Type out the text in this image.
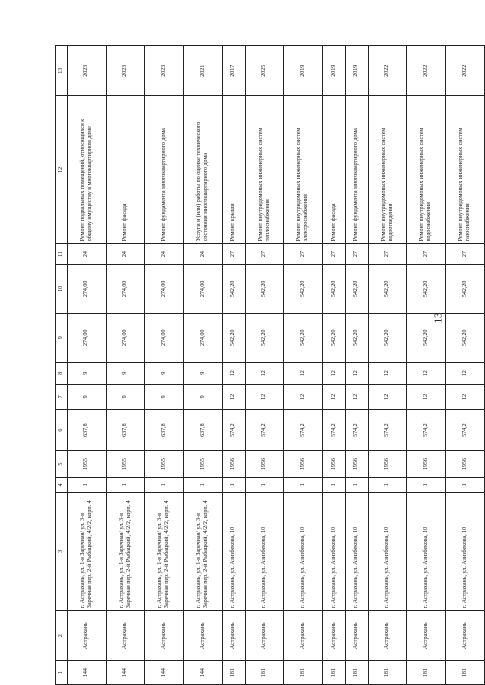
13
1	2	3	4	5	6	7	8	9	10	11	12	13
144	Астрахань	г. Астрахань, ул. 1-я Заречная/ ул. 3-я Заречная пер. 2-й Рыбацкий, 4/2/2, корп. 4	1	1955	637,8	9	9	274,00	274,00	24	Ремонт подвальных помещений, относящихся к общему имуществу в многоквартирном доме	2023
144	Астрахань	г. Астрахань, ул. 1-я Заречная/ ул. 3-я Заречная пер. 2-й Рыбацкий, 4/2/2, корп. 4	1	1955	637,8	9	9	274,00	274,00	24	Ремонт фасада	2023
144	Астрахань	г. Астрахань, ул. 1-я Заречная/ ул. 3-я Заречная пер. 2-й Рыбацкий, 4/2/2, корп. 4	1	1955	637,8	9	9	274,00	274,00	24	Ремонт фундамента многоквартирного дома	2023
144	Астрахань	г. Астрахань, ул. 1-я Заречная/ ул. 3-я Заречная пер. 2-й Рыбацкий, 4/2/2, корп. 4	1	1955	637,8	9	9	274,00	274,00	24	Услуги и (или) работы по оценке технического состояния многоквартирного дома	2021
181	Астрахань	г. Астрахань, ул. Азизбекова, 10	1	1956	574,2	12	12	542,20	542,20	27	Ремонт крыши	2017
181	Астрахань	г. Астрахань, ул. Азизбекова, 10	1	1956	574,2	12	12	542,20	542,20	27	Ремонт внутридомовых инженерных систем теплоснабжения	2025
181	Астрахань	г. Астрахань, ул. Азизбекова, 10	1	1956	574,2	12	12	542,20	542,20	27	Ремонт внутридомовых инженерных систем электроснабжения	2019
181	Астрахань	г. Астрахань, ул. Азизбекова, 10	1	1956	574,2	12	12	542,20	542,20	27	Ремонт фасада	2019
181	Астрахань	г. Астрахань, ул. Азизбекова, 10	1	1956	574,2	12	12	542,20	542,20	27	Ремонт фундамента многоквартирного дома	2019
181	Астрахань	г. Астрахань, ул. Азизбекова, 10	1	1956	574,2	12	12	542,20	542,20	27	Ремонт внутридомовых инженерных систем водоотведения	2022
181	Астрахань	г. Астрахань, ул. Азизбекова, 10	1	1956	574,2	12	12	542,20	542,20	27	Ремонт внутридомовых инженерных систем водоснабжения	2022
181	Астрахань	г. Астрахань, ул. Азизбекова, 10	1	1956	574,2	12	12	542,20	542,20	27	Ремонт внутридомовых инженерных систем газоснабжения	2022
